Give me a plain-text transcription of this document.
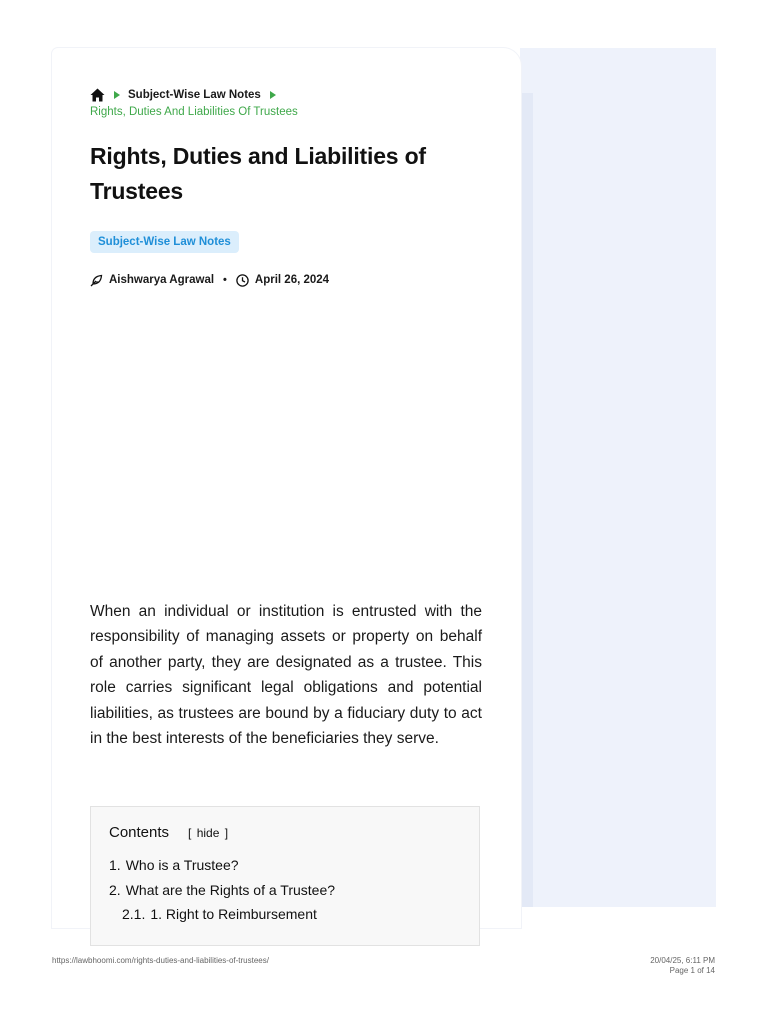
Subject-Wise Law Notes
Rights, Duties And Liabilities Of Trustees
Rights, Duties and Liabilities of Trustees
Subject-Wise Law Notes
Aishwarya Agrawal • April 26, 2024

When an individual or institution is entrusted with the responsibility of managing assets or property on behalf of another party, they are designated as a trustee. This role carries significant legal obligations and potential liabilities, as trustees are bound by a fiduciary duty to act in the best interests of the beneficiaries they serve.

Contents [ hide ]
1. Who is a Trustee?
2. What are the Rights of a Trustee?
2.1. 1. Right to Reimbursement
https://lawbhoomi.com/rights-duties-and-liabilities-of-trustees/	20/04/25, 6:11 PM
Page 1 of 14
